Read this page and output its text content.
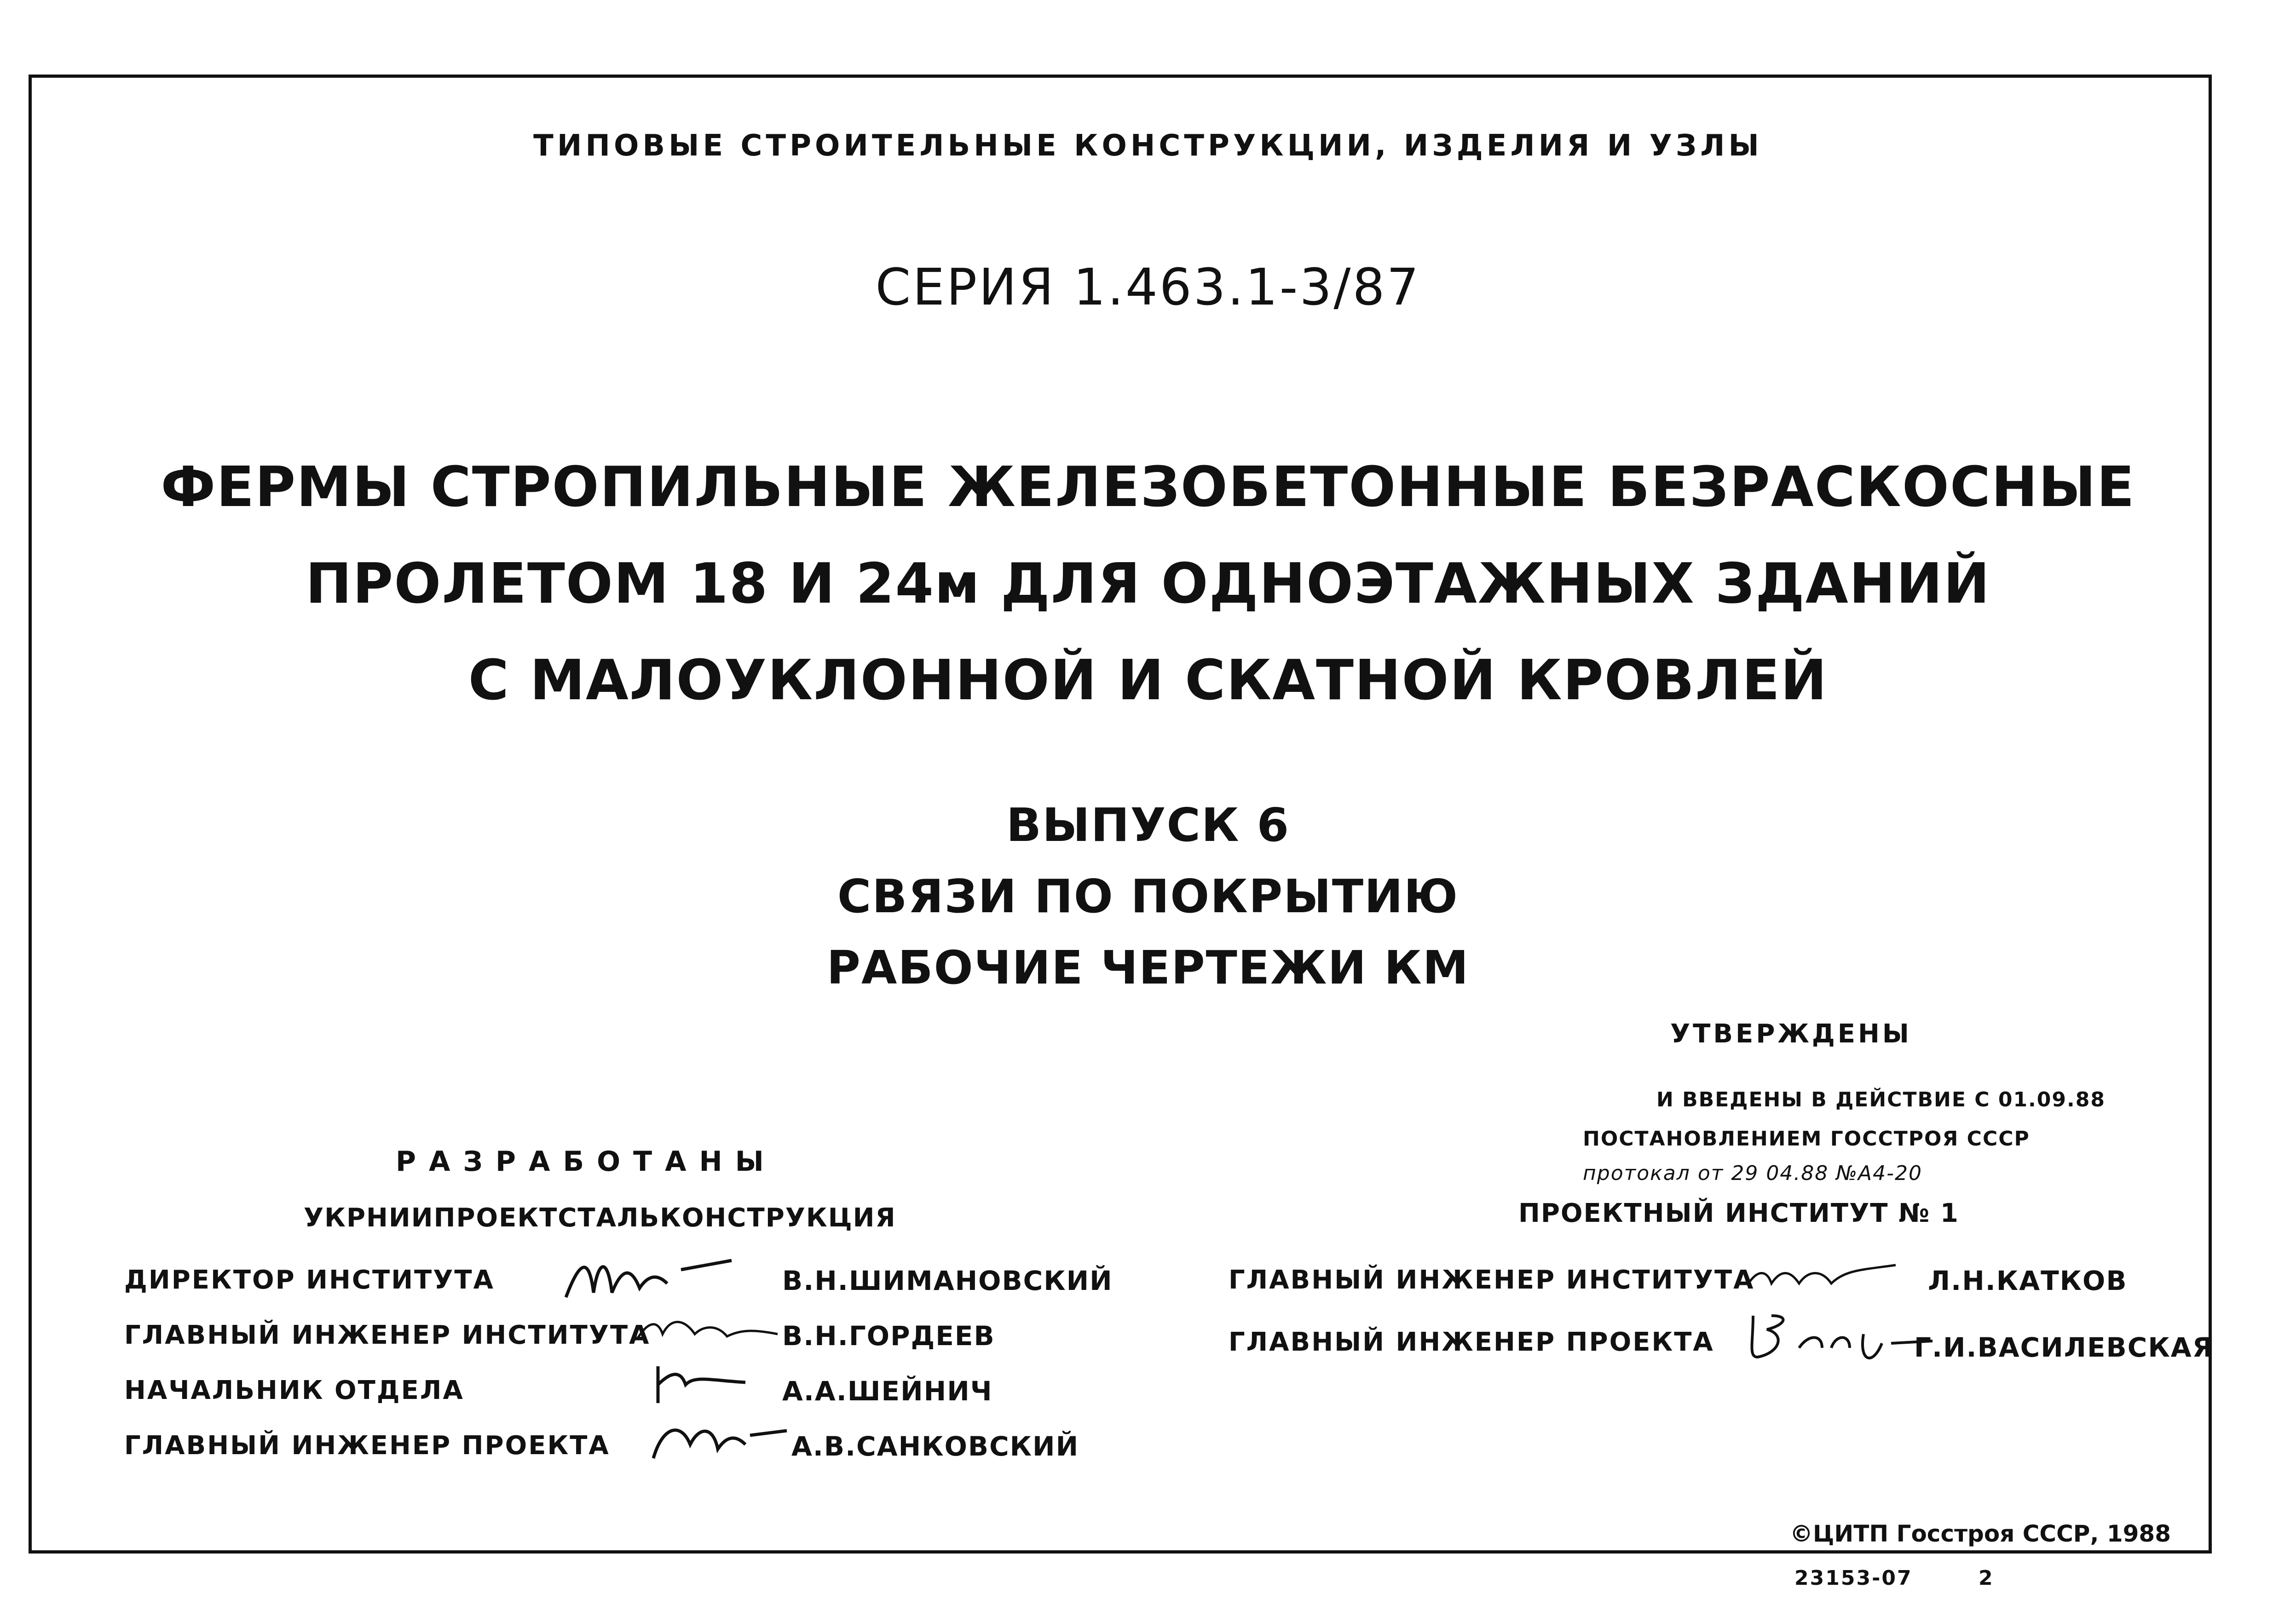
ТИПОВЫЕ СТРОИТЕЛЬНЫЕ КОНСТРУКЦИИ, ИЗДЕЛИЯ И УЗЛЫ
СЕРИЯ 1.463.1-3/87
ФЕРМЫ СТРОПИЛЬНЫЕ ЖЕЛЕЗОБЕТОННЫЕ БЕЗРАСКОСНЫЕ
ПРОЛЕТОМ 18 И 24м ДЛЯ ОДНОЭТАЖНЫХ ЗДАНИЙ
С МАЛОУКЛОННОЙ И СКАТНОЙ КРОВЛЕЙ
ВЫПУСК 6
СВЯЗИ ПО ПОКРЫТИЮ
РАБОЧИЕ ЧЕРТЕЖИ КМ
УТВЕРЖДЕНЫ
И ВВЕДЕНЫ В ДЕЙСТВИЕ С 01.09.88
ПОСТАНОВЛЕНИЕМ ГОССТРОЯ СССР
протокал от 29 04.88 №А4-20
РАЗРАБОТАНЫ
УКРНИИПРОЕКТСТАЛЬКОНСТРУКЦИЯ	ПРОЕКТНЫЙ ИНСТИТУТ № 1
ДИРЕКТОР ИНСТИТУТА	В.Н.ШИМАНОВСКИЙ
ГЛАВНЫЙ ИНЖЕНЕР ИНСТИТУТА	В.Н.ГОРДЕЕВ
НАЧАЛЬНИК ОТДЕЛА	А.А.ШЕЙНИЧ
ГЛАВНЫЙ ИНЖЕНЕР ПРОЕКТА	А.В.САНКОВСКИЙ
ГЛАВНЫЙ ИНЖЕНЕР ИНСТИТУТА	Л.Н.КАТКОВ
ГЛАВНЫЙ ИНЖЕНЕР ПРОЕКТА	Г.И.ВАСИЛЕВСКАЯ
©ЦИТП Госстроя СССР, 1988
23153-07	2
